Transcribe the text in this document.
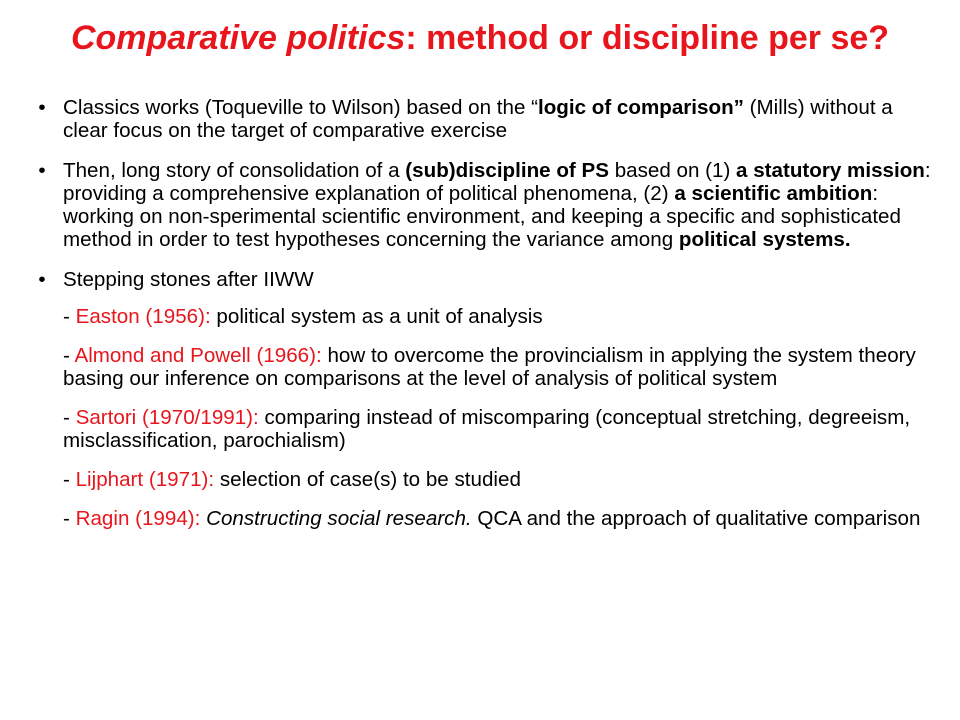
Comparative politics: method or discipline per se?
• Classics works (Toqueville to Wilson) based on the “logic of comparison” (Mills) without a clear focus on the target of comparative exercise
• Then, long story of consolidation of a (sub)discipline of PS based on (1) a statutory mission: providing a comprehensive explanation of political phenomena, (2) a scientific ambition: working on non-sperimental scientific environment, and keeping a specific and sophisticated method in order to test hypotheses concerning the variance among political systems.
• Stepping stones after IIWW
- Easton (1956): political system as a unit of analysis
- Almond and Powell (1966): how to overcome the provincialism in applying the system theory basing our inference on comparisons at the level of analysis of political system
- Sartori (1970/1991): comparing instead of miscomparing (conceptual stretching, degreeism, misclassification, parochialism)
- Lijphart (1971): selection of case(s) to be studied
- Ragin (1994): Constructing social research. QCA and the approach of qualitative comparison
